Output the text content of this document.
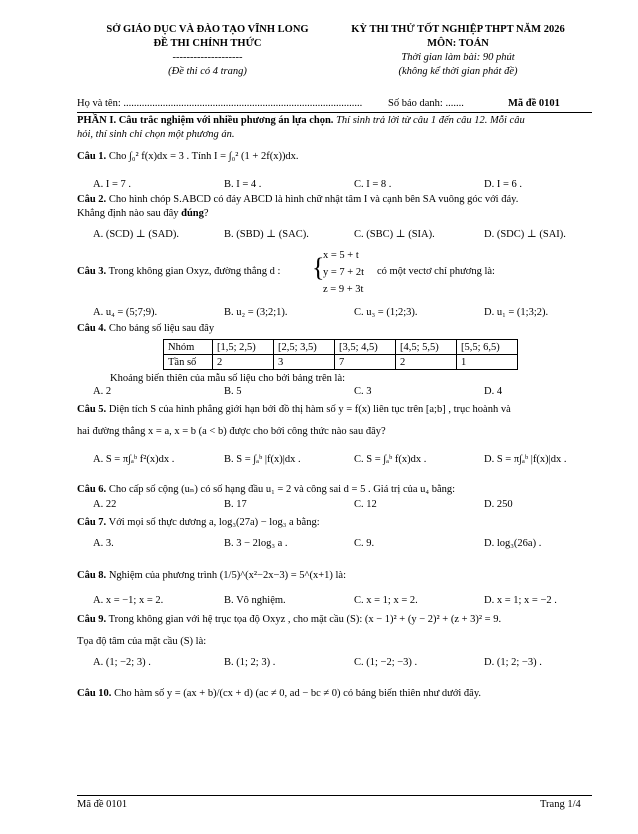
SỞ GIÁO DỤC VÀ ĐÀO TẠO VĨNH LONG
ĐỀ THI CHÍNH THỨC
--------------------
(Đề thi có 4 trang)
KỲ THI THỬ TỐT NGHIỆP THPT NĂM 2026
MÔN: TOÁN
Thời gian làm bài: 90 phút
(không kể thời gian phát đề)
Họ và tên: ........................................................................................... Số báo danh: .......	Mã đề 0101
PHẦN I. Câu trắc nghiệm với nhiều phương án lựa chọn. Thí sinh trả lời từ câu 1 đến câu 12. Mỗi câu
hỏi, thí sinh chỉ chọn một phương án.
Câu 1. Cho ∫₀² f(x)dx = 3 . Tính I = ∫₀² (1 + 2f(x))dx.
A. I = 7 .	B. I = 4 .	C. I = 8 .	D. I = 6 .
Câu 2. Cho hình chóp S.ABCD có đáy ABCD là hình chữ nhật tâm I và cạnh bên SA vuông góc với đáy.
Khẳng định nào sau đây đúng?
A. (SCD) ⊥ (SAD).	B. (SBD) ⊥ (SAC).	C. (SBC) ⊥ (SIA).	D. (SDC) ⊥ (SAI).
Câu 3. Trong không gian Oxyz, đường thẳng d : {
x = 5 + t
y = 7 + 2t
z = 9 + 3t
có một vectơ chỉ phương là:
A. u₄ = (5;7;9).	B. u₂ = (3;2;1).	C. u₃ = (1;2;3).	D. u₁ = (1;3;2).
Câu 4. Cho bảng số liệu sau đây
Nhóm	[1,5; 2,5)	[2,5; 3,5)	[3,5; 4,5)	[4,5; 5,5)	[5,5; 6,5)
Tần số	2	3	7	2	1
Khoảng biến thiên của mẫu số liệu cho bởi bảng trên là:
A. 2	B. 5	C. 3	D. 4
Câu 5. Diện tích S của hình phẳng giới hạn bởi đồ thị hàm số y = f(x) liên tục trên [a;b] , trục hoành và
hai đường thẳng x = a, x = b (a < b) được cho bởi công thức nào sau đây?
A. S = π∫ₐᵇ f²(x)dx .	B. S = ∫ₐᵇ |f(x)|dx .	C. S = ∫ₐᵇ f(x)dx .	D. S = π∫ₐᵇ |f(x)|dx .
Câu 6. Cho cấp số cộng (uₙ) có số hạng đầu u₁ = 2 và công sai d = 5 . Giá trị của u₄ bằng:
A. 22	B. 17	C. 12	D. 250
Câu 7. Với mọi số thực dương a, log₃(27a) − log₃ a bằng:
A. 3.	B. 3 − 2log₃ a .	C. 9.	D. log₃(26a) .
Câu 8. Nghiệm của phương trình (1/5)^(x²−2x−3) = 5^(x+1) là:
A. x = −1; x = 2.	B. Vô nghiệm.	C. x = 1; x = 2.	D. x = 1; x = −2 .
Câu 9. Trong không gian với hệ trục tọa độ Oxyz , cho mặt cầu (S): (x − 1)² + (y − 2)² + (z + 3)² = 9.
Tọa độ tâm của mặt cầu (S) là:
A. (1; −2; 3) .	B. (1; 2; 3) .	C. (1; −2; −3) .	D. (1; 2; −3) .
Câu 10. Cho hàm số y = (ax + b)/(cx + d) (ac ≠ 0, ad − bc ≠ 0) có bảng biến thiên như dưới đây.
Mã đề 0101	Trang 1/4
